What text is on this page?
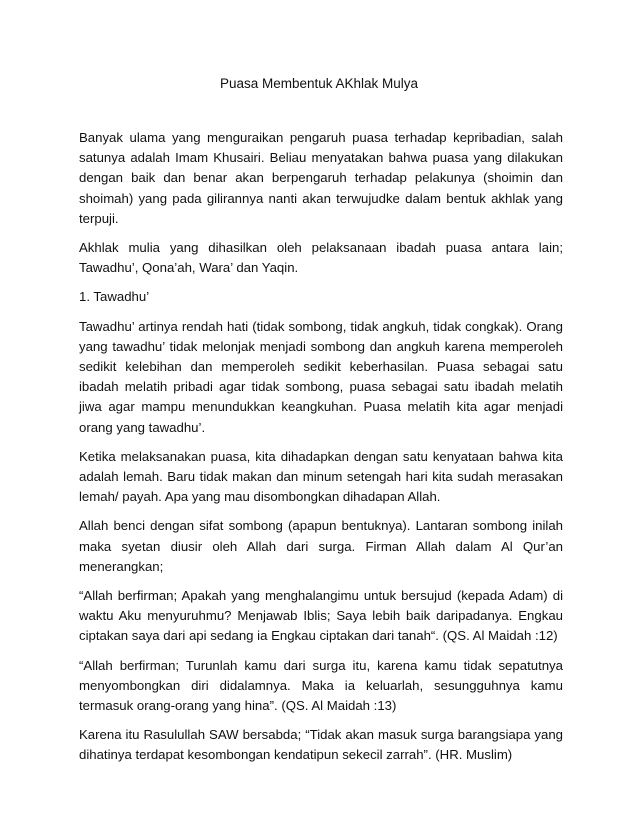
Puasa Membentuk AKhlak Mulya

Banyak ulama yang menguraikan pengaruh puasa terhadap kepribadian, salah satunya adalah Imam Khusairi. Beliau menyatakan bahwa puasa yang dilakukan dengan baik dan benar akan berpengaruh terhadap pelakunya (shoimin dan shoimah) yang pada gilirannya nanti akan terwujudke dalam bentuk akhlak yang terpuji.

Akhlak mulia yang dihasilkan oleh pelaksanaan ibadah puasa antara lain; Tawadhu’, Qona’ah, Wara’ dan Yaqin.

1. Tawadhu’

Tawadhu’ artinya rendah hati (tidak sombong, tidak angkuh, tidak congkak). Orang yang tawadhu’ tidak melonjak menjadi sombong dan angkuh karena memperoleh sedikit kelebihan dan memperoleh sedikit keberhasilan. Puasa sebagai satu ibadah melatih pribadi agar tidak sombong, puasa sebagai satu ibadah melatih jiwa agar mampu menundukkan keangkuhan. Puasa melatih kita agar menjadi orang yang tawadhu’.

Ketika melaksanakan puasa, kita dihadapkan dengan satu kenyataan bahwa kita adalah lemah. Baru tidak makan dan minum setengah hari kita sudah merasakan lemah/ payah. Apa yang mau disombongkan dihadapan Allah.

Allah benci dengan sifat sombong (apapun bentuknya). Lantaran sombong inilah maka syetan diusir oleh Allah dari surga. Firman Allah dalam Al Qur’an menerangkan;

“Allah berfirman; Apakah yang menghalangimu untuk bersujud (kepada Adam) di waktu Aku menyuruhmu? Menjawab Iblis; Saya lebih baik daripadanya. Engkau ciptakan saya dari api sedang ia Engkau ciptakan dari tanah“. (QS. Al Maidah :12)

“Allah berfirman; Turunlah kamu dari surga itu, karena kamu tidak sepatutnya menyombongkan diri didalamnya. Maka ia keluarlah, sesungguhnya kamu termasuk orang-orang yang hina”. (QS. Al Maidah :13)

Karena itu Rasulullah SAW bersabda; “Tidak akan masuk surga barangsiapa yang dihatinya terdapat kesombongan kendatipun sekecil zarrah”. (HR. Muslim)
